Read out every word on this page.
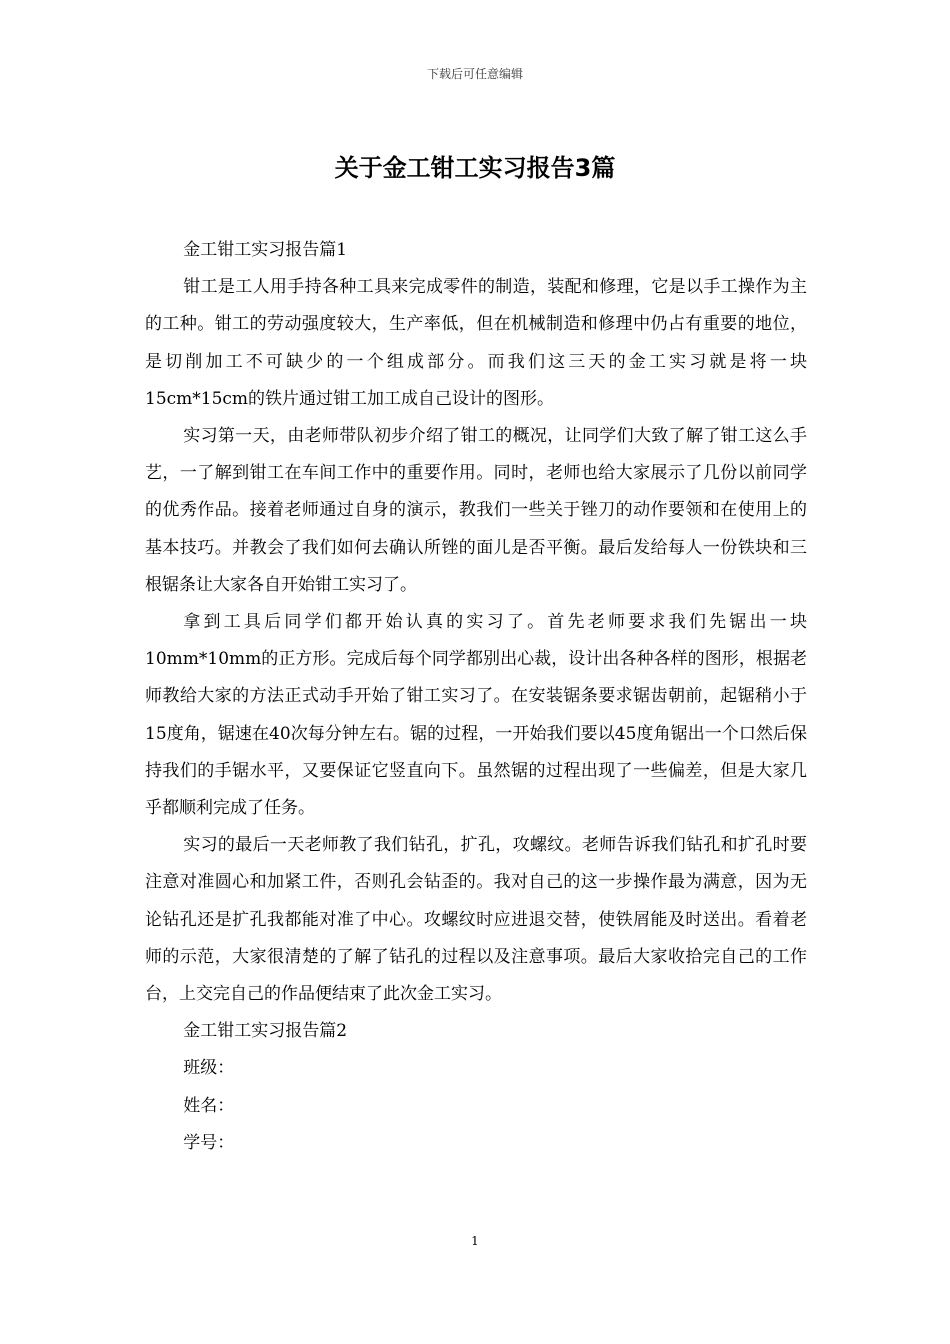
下载后可任意编辑
关于金工钳工实习报告3篇

金工钳工实习报告篇1

钳工是工人用手持各种工具来完成零件的制造，装配和修理，它是以手工操作为主的工种。钳工的劳动强度较大，生产率低，但在机械制造和修理中仍占有重要的地位，是切削加工不可缺少的一个组成部分。而我们这三天的金工实习就是将一块15cm*15cm的铁片通过钳工加工成自己设计的图形。

实习第一天，由老师带队初步介绍了钳工的概况，让同学们大致了解了钳工这么手艺，一了解到钳工在车间工作中的重要作用。同时，老师也给大家展示了几份以前同学的优秀作品。接着老师通过自身的演示，教我们一些关于锉刀的动作要领和在使用上的基本技巧。并教会了我们如何去确认所锉的面儿是否平衡。最后发给每人一份铁块和三根锯条让大家各自开始钳工实习了。

拿到工具后同学们都开始认真的实习了。首先老师要求我们先锯出一块10mm*10mm的正方形。完成后每个同学都别出心裁，设计出各种各样的图形，根据老师教给大家的方法正式动手开始了钳工实习了。在安装锯条要求锯齿朝前，起锯稍小于15度角，锯速在40次每分钟左右。锯的过程，一开始我们要以45度角锯出一个口然后保持我们的手锯水平，又要保证它竖直向下。虽然锯的过程出现了一些偏差，但是大家几乎都顺利完成了任务。

实习的最后一天老师教了我们钻孔，扩孔，攻螺纹。老师告诉我们钻孔和扩孔时要注意对准圆心和加紧工件，否则孔会钻歪的。我对自己的这一步操作最为满意，因为无论钻孔还是扩孔我都能对准了中心。攻螺纹时应进退交替，使铁屑能及时送出。看着老师的示范，大家很清楚的了解了钻孔的过程以及注意事项。最后大家收拾完自己的工作台，上交完自己的作品便结束了此次金工实习。

金工钳工实习报告篇2

班级：

姓名：

学号：

1
